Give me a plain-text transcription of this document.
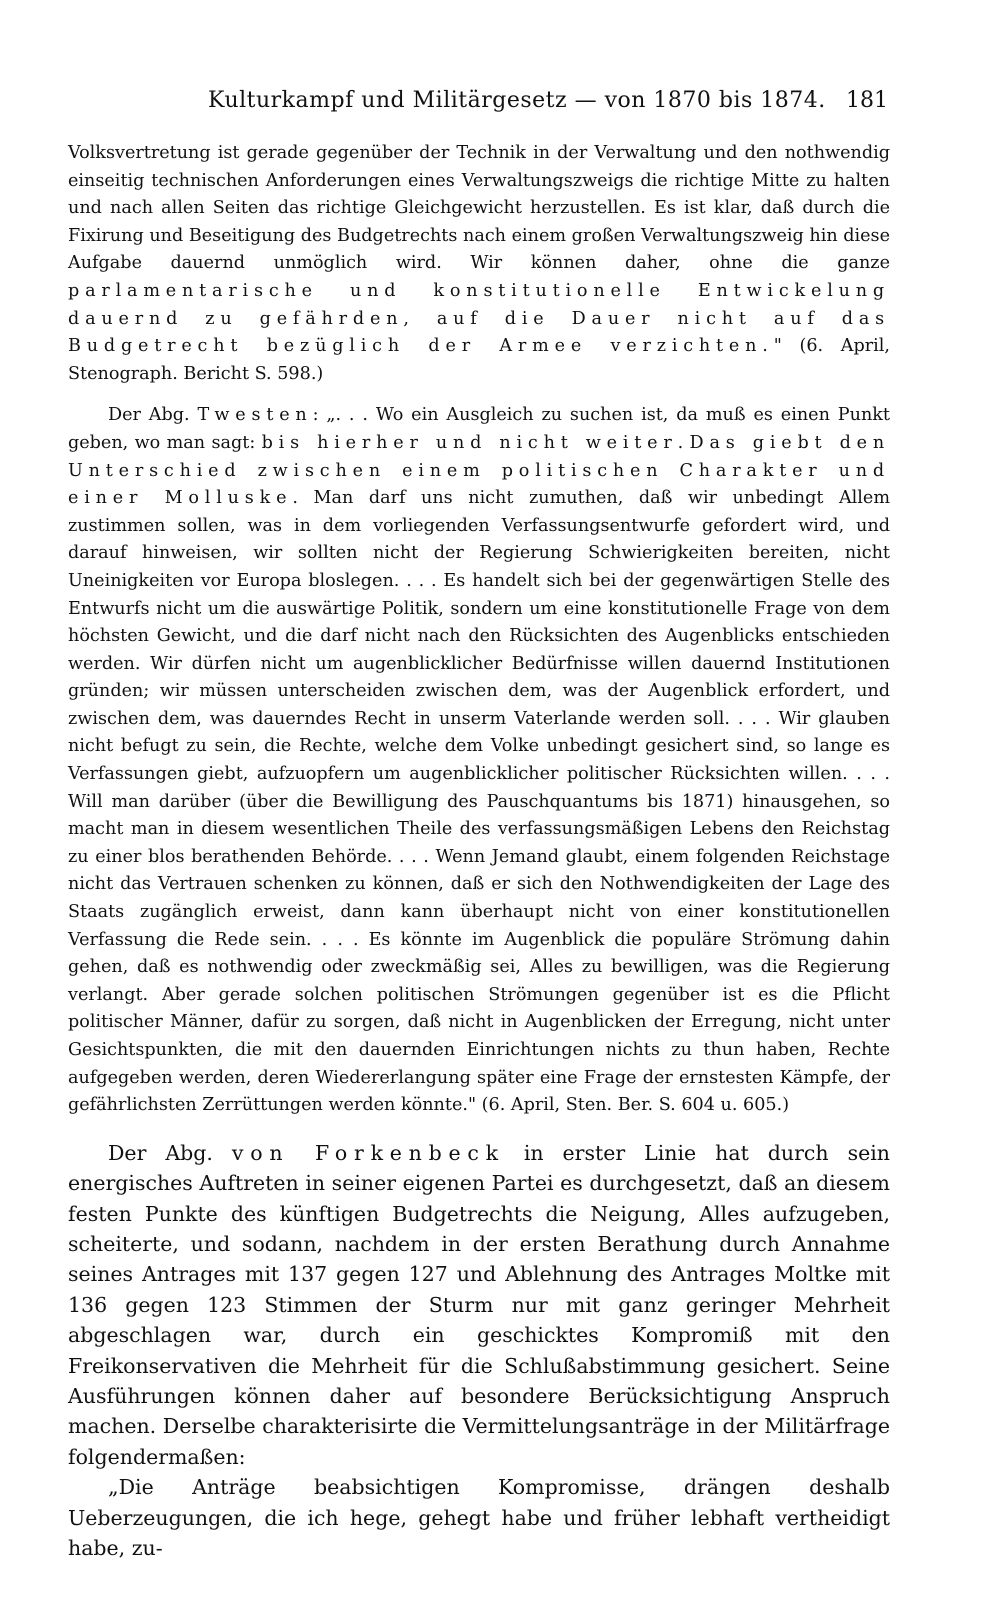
Kulturkampf und Militärgesetz — von 1870 bis 1874. 181

Volksvertretung ist gerade gegenüber der Technik in der Verwaltung und den nothwendig einseitig technischen Anforderungen eines Verwaltungszweigs die richtige Mitte zu halten und nach allen Seiten das richtige Gleichgewicht herzustellen. Es ist klar, daß durch die Fixirung und Beseitigung des Budgetrechts nach einem großen Verwaltungszweig hin diese Aufgabe dauernd unmöglich wird. Wir können daher, ohne die ganze parlamentarische und konstitutionelle Entwickelung dauernd zu gefährden, auf die Dauer nicht auf das Budgetrecht bezüglich der Armee verzichten." (6. April, Stenograph. Bericht S. 598.)

Der Abg. Twesten: „. . . Wo ein Ausgleich zu suchen ist, da muß es einen Punkt geben, wo man sagt: bis hierher und nicht weiter. Das giebt den Unterschied zwischen einem politischen Charakter und einer Molluske. Man darf uns nicht zumuthen, daß wir unbedingt Allem zustimmen sollen, was in dem vorliegenden Verfassungsentwurfe gefordert wird, und darauf hinweisen, wir sollten nicht der Regierung Schwierigkeiten bereiten, nicht Uneinigkeiten vor Europa bloslegen. . . . Es handelt sich bei der gegenwärtigen Stelle des Entwurfs nicht um die auswärtige Politik, sondern um eine konstitutionelle Frage von dem höchsten Gewicht, und die darf nicht nach den Rücksichten des Augenblicks entschieden werden. Wir dürfen nicht um augenblicklicher Bedürfnisse willen dauernd Institutionen gründen; wir müssen unterscheiden zwischen dem, was der Augenblick erfordert, und zwischen dem, was dauerndes Recht in unserm Vaterlande werden soll. . . . Wir glauben nicht befugt zu sein, die Rechte, welche dem Volke unbedingt gesichert sind, so lange es Verfassungen giebt, aufzuopfern um augenblicklicher politischer Rücksichten willen. . . . Will man darüber (über die Bewilligung des Pauschquantums bis 1871) hinausgehen, so macht man in diesem wesentlichen Theile des verfassungsmäßigen Lebens den Reichstag zu einer blos berathenden Behörde. . . . Wenn Jemand glaubt, einem folgenden Reichstage nicht das Vertrauen schenken zu können, daß er sich den Nothwendigkeiten der Lage des Staats zugänglich erweist, dann kann überhaupt nicht von einer konstitutionellen Verfassung die Rede sein. . . . Es könnte im Augenblick die populäre Strömung dahin gehen, daß es nothwendig oder zweckmäßig sei, Alles zu bewilligen, was die Regierung verlangt. Aber gerade solchen politischen Strömungen gegenüber ist es die Pflicht politischer Männer, dafür zu sorgen, daß nicht in Augenblicken der Erregung, nicht unter Gesichtspunkten, die mit den dauernden Einrichtungen nichts zu thun haben, Rechte aufgegeben werden, deren Wiedererlangung später eine Frage der ernstesten Kämpfe, der gefährlichsten Zerrüttungen werden könnte." (6. April, Sten. Ber. S. 604 u. 605.)

Der Abg. von Forkenbeck in erster Linie hat durch sein energisches Auftreten in seiner eigenen Partei es durchgesetzt, daß an diesem festen Punkte des künftigen Budgetrechts die Neigung, Alles aufzugeben, scheiterte, und sodann, nachdem in der ersten Berathung durch Annahme seines Antrages mit 137 gegen 127 und Ablehnung des Antrages Moltke mit 136 gegen 123 Stimmen der Sturm nur mit ganz geringer Mehrheit abgeschlagen war, durch ein geschicktes Kompromiß mit den Freikonservativen die Mehrheit für die Schlußabstimmung gesichert. Seine Ausführungen können daher auf besondere Berücksichtigung Anspruch machen. Derselbe charakterisirte die Vermittelungsanträge in der Militärfrage folgendermaßen:

„Die Anträge beabsichtigen Kompromisse, drängen deshalb Ueberzeugungen, die ich hege, gehegt habe und früher lebhaft vertheidigt habe, zu-
